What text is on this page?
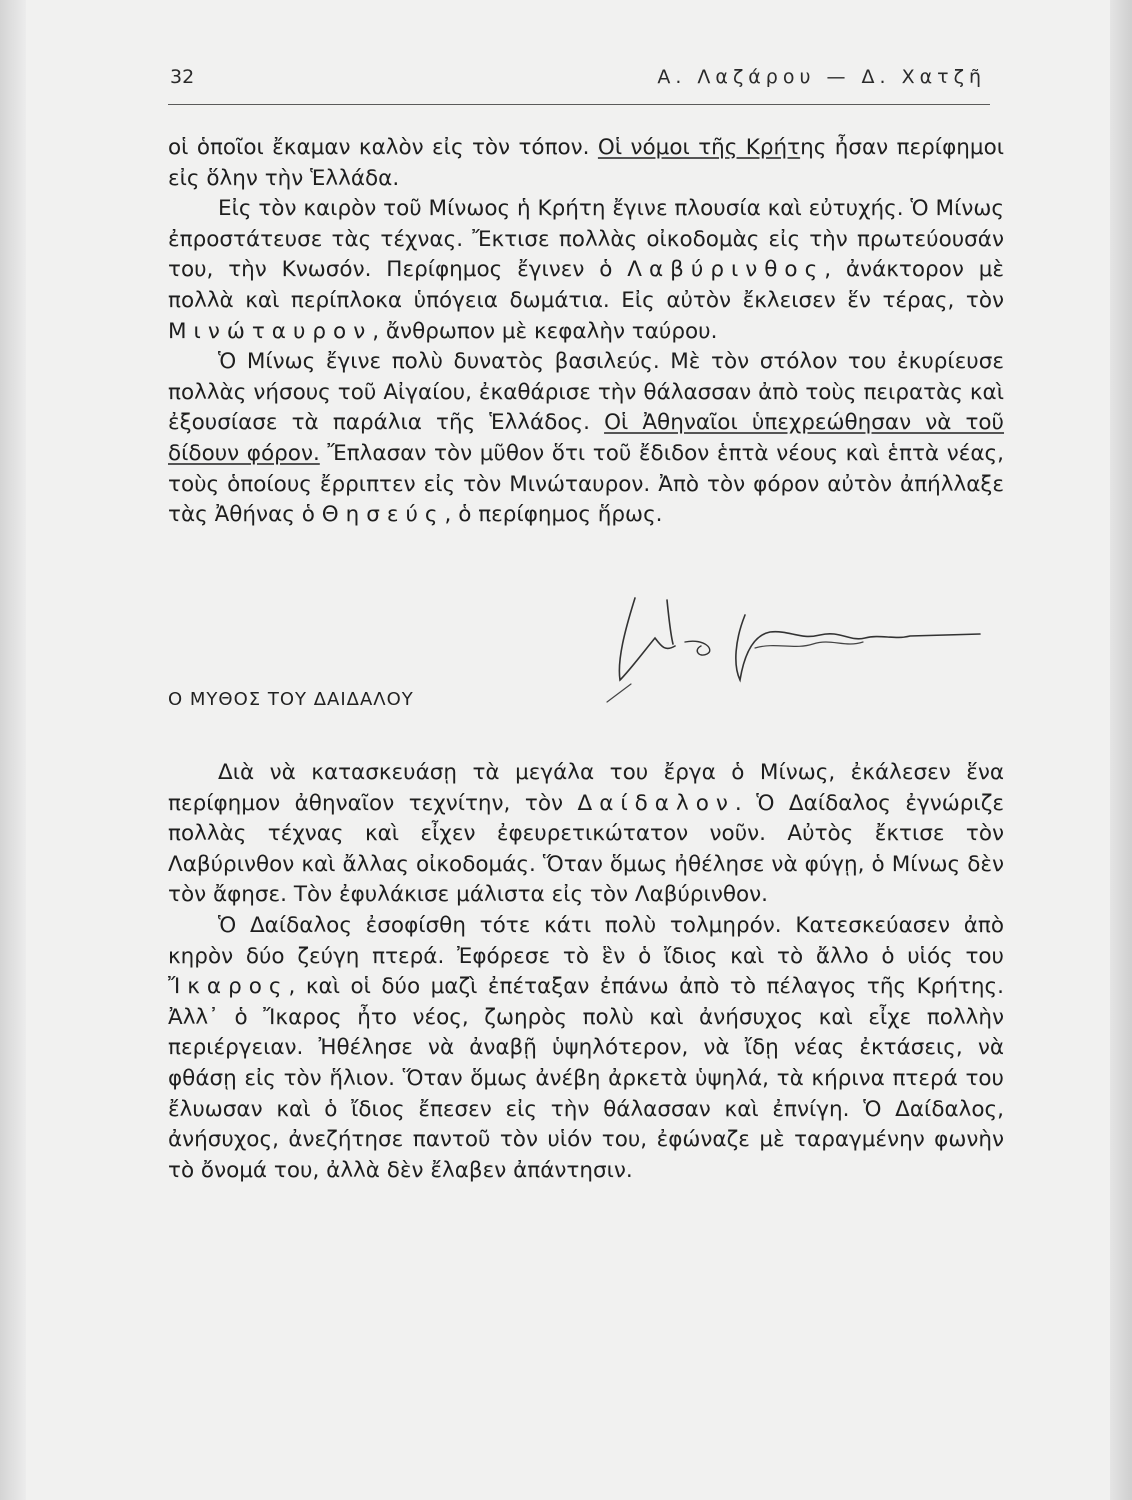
32	Α. Λαζάρου — Δ. Χατζῆ

οἱ ὁποῖοι ἔκαμαν καλὸν εἰς τὸν τόπον. Οἱ νόμοι τῆς Κρήτης ἦσαν περίφημοι εἰς ὅλην τὴν Ἑλλάδα.

Εἰς τὸν καιρὸν τοῦ Μίνωος ἡ Κρήτη ἔγινε πλουσία καὶ εὐτυχής. Ὁ Μίνως ἐπροστάτευσε τὰς τέχνας. Ἔκτισε πολλὰς οἰκοδομὰς εἰς τὴν πρωτεύουσάν του, τὴν Κνωσόν. Περίφημος ἔγινεν ὁ Λαβύρινθος, ἀνάκτορον μὲ πολλὰ καὶ περίπλοκα ὑπόγεια δωμάτια. Εἰς αὐτὸν ἔκλεισεν ἕν τέρας, τὸν Μινώταυρον, ἄνθρωπον μὲ κεφαλὴν ταύρου.

Ὁ Μίνως ἔγινε πολὺ δυνατὸς βασιλεύς. Μὲ τὸν στόλον του ἐκυρίευσε πολλὰς νήσους τοῦ Αἰγαίου, ἐκαθάρισε τὴν θάλασσαν ἀπὸ τοὺς πειρατὰς καὶ ἐξουσίασε τὰ παράλια τῆς Ἑλλάδος. Οἱ Ἀθηναῖοι ὑπεχρεώθησαν νὰ τοῦ δίδουν φόρον. Ἔπλασαν τὸν μῦθον ὅτι τοῦ ἔδιδον ἑπτὰ νέους καὶ ἑπτὰ νέας, τοὺς ὁποίους ἔρριπτεν εἰς τὸν Μινώταυρον. Ἀπὸ τὸν φόρον αὐτὸν ἀπήλλαξε τὰς Ἀθήνας ὁ Θησεύς, ὁ περίφημος ἥρως.

Ο ΜΥΘΟΣ ΤΟΥ ΔΑΙΔΑΛΟΥ

Διὰ νὰ κατασκευάσῃ τὰ μεγάλα του ἔργα ὁ Μίνως, ἐκάλεσεν ἕνα περίφημον ἀθηναῖον τεχνίτην, τὸν Δαίδαλον. Ὁ Δαίδαλος ἐγνώριζε πολλὰς τέχνας καὶ εἶχεν ἐφευρετικώτατον νοῦν. Αὐτὸς ἔκτισε τὸν Λαβύρινθον καὶ ἄλλας οἰκοδομάς. Ὅταν ὅμως ἠθέλησε νὰ φύγῃ, ὁ Μίνως δὲν τὸν ἄφησε. Τὸν ἐφυλάκισε μάλιστα εἰς τὸν Λαβύρινθον.

Ὁ Δαίδαλος ἐσοφίσθη τότε κάτι πολὺ τολμηρόν. Κατεσκεύασεν ἀπὸ κηρὸν δύο ζεύγη πτερά. Ἐφόρεσε τὸ ἓν ὁ ἴδιος καὶ τὸ ἄλλο ὁ υἱός του Ἴκαρος, καὶ οἱ δύο μαζὶ ἐπέταξαν ἐπάνω ἀπὸ τὸ πέλαγος τῆς Κρήτης. Ἀλλ᾽ ὁ Ἴκαρος ἦτο νέος, ζωηρὸς πολὺ καὶ ἀνήσυχος καὶ εἶχε πολλὴν περιέργειαν. Ἠθέλησε νὰ ἀναβῇ ὑψηλότερον, νὰ ἴδῃ νέας ἐκτάσεις, νὰ φθάσῃ εἰς τὸν ἥλιον. Ὅταν ὅμως ἀνέβη ἀρκετὰ ὑψηλά, τὰ κήρινα πτερά του ἔλυωσαν καὶ ὁ ἴδιος ἔπεσεν εἰς τὴν θάλασσαν καὶ ἐπνίγη. Ὁ Δαίδαλος, ἀνήσυχος, ἀνεζήτησε παντοῦ τὸν υἱόν του, ἐφώναζε μὲ ταραγμένην φωνὴν τὸ ὄνομά του, ἀλλὰ δὲν ἔλαβεν ἀπάντησιν.
